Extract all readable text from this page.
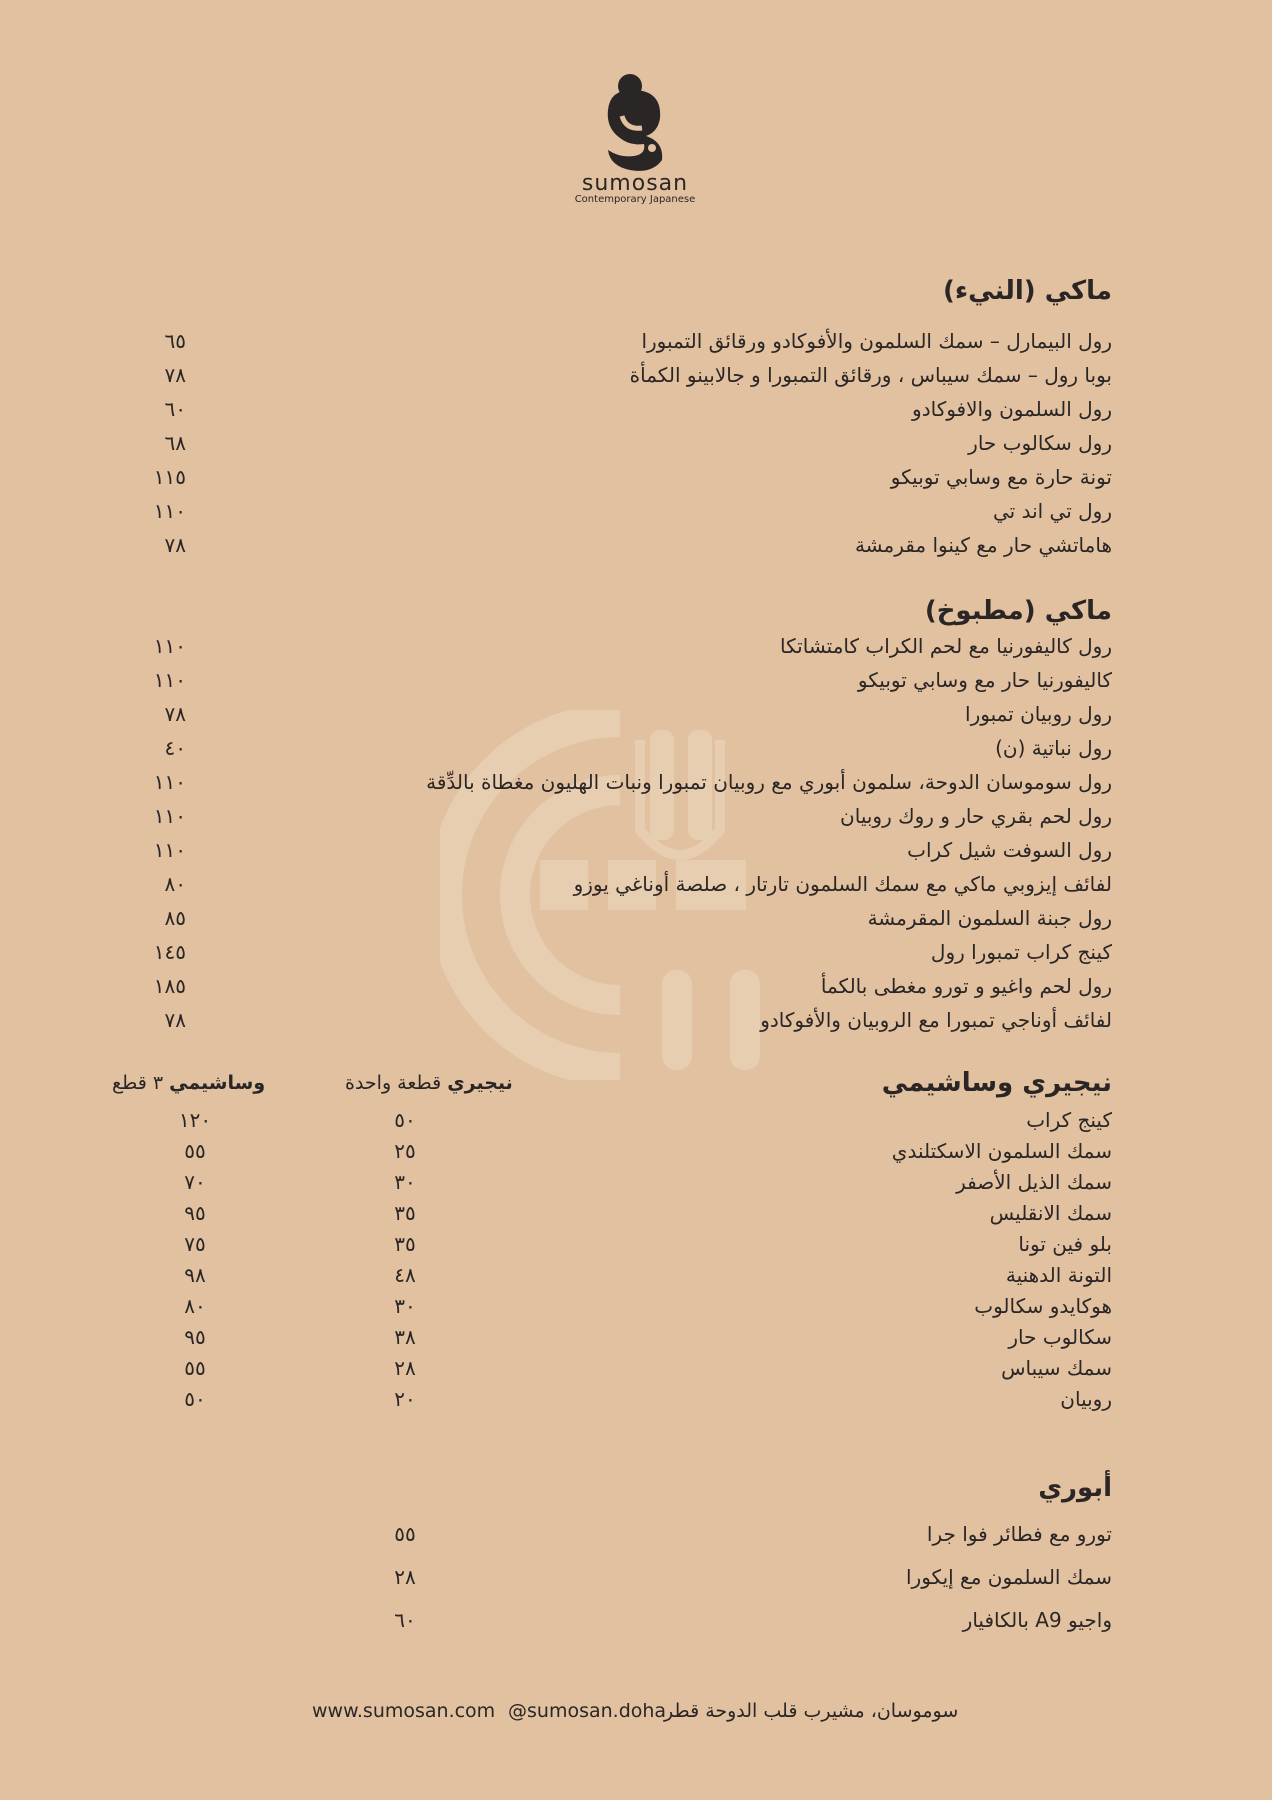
sumosan
Contemporary Japanese
ماكي (النيء)
رول البيمارل – سمك السلمون والأفوكادو ورقائق التمبورا
٦٥
بوبا رول – سمك سيباس ، ورقائق التمبورا و جالابينو الكمأة
٧٨
رول السلمون والافوكادو
٦٠
رول سكالوب حار
٦٨
تونة حارة مع وسابي توبيكو
١١٥
رول تي اند تي
١١٠
هاماتشي حار مع كينوا مقرمشة
٧٨
ماكي (مطبوخ)
رول كاليفورنيا مع لحم الكراب كامتشاتكا
١١٠
كاليفورنيا حار مع وسابي توبيكو
١١٠
رول روبيان تمبورا
٧٨
رول نباتية (ن)
٤٠
رول سوموسان الدوحة، سلمون أبوري مع روبيان تمبورا ونبات الهليون مغطاة بالدِّقة
١١٠
رول لحم بقري حار و روك روبيان
١١٠
رول السوفت شيل كراب
١١٠
لفائف إيزوبي ماكي مع سمك السلمون تارتار ، صلصة أوناغي يوزو
٨٠
رول جبنة السلمون المقرمشة
٨٥
كينج كراب تمبورا رول
١٤٥
رول لحم واغيو و تورو مغطى بالكمأ
١٨٥
لفائف أوناجي تمبورا مع الروبيان والأفوكادو
٧٨
نيجيري وساشيمي
نيجيري قطعة واحدة
وساشيمي ٣ قطع
كينج كراب
٥٠
١٢٠
سمك السلمون الاسكتلندي
٢٥
٥٥
سمك الذيل الأصفر
٣٠
٧٠
سمك الانقليس
٣٥
٩٥
بلو فين تونا
٣٥
٧٥
التونة الدهنية
٤٨
٩٨
هوكايدو سكالوب
٣٠
٨٠
سكالوب حار
٣٨
٩٥
سمك سيباس
٢٨
٥٥
روبيان
٢٠
٥٠
أبوري
تورو مع فطائر فوا جرا
٥٥
سمك السلمون مع إيكورا
٢٨
واجيو A9 بالكافيار
٦٠
www.sumosan.com @sumosan.doha
سوموسان، مشيرب قلب الدوحة قطر
